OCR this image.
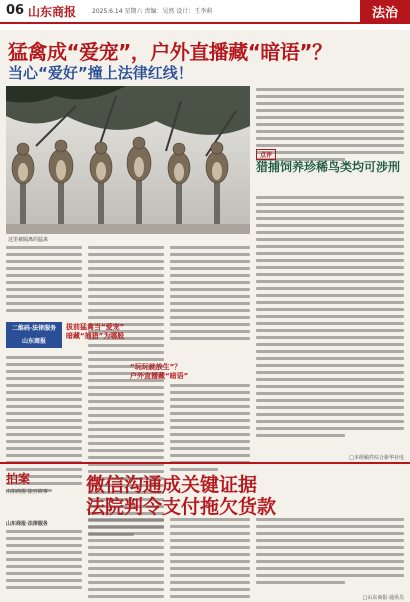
06 山东商报	2025.6.14 星期六 责编：吴然 设计：王李莉	法治
猛禽成“爱宠”，户外直播藏“暗语”？
当心“爱好”撞上法律红线！
这里被隔离的猛禽
点评
猎捕饲养珍稀鸟类均可涉刑
二维码·法律服务
山东商报
拔前猛禽当“爱宠”
暗藏“捕猎”为哪般
“玩玩就放生”？
户外直播藏“暗语”
□本组稿件综合新华社电
拍案
山东商报·法官故事 微信沟通成关键证据
法院判令支付拖欠货款
山东商报·法律服务
□山东商报·通讯员
